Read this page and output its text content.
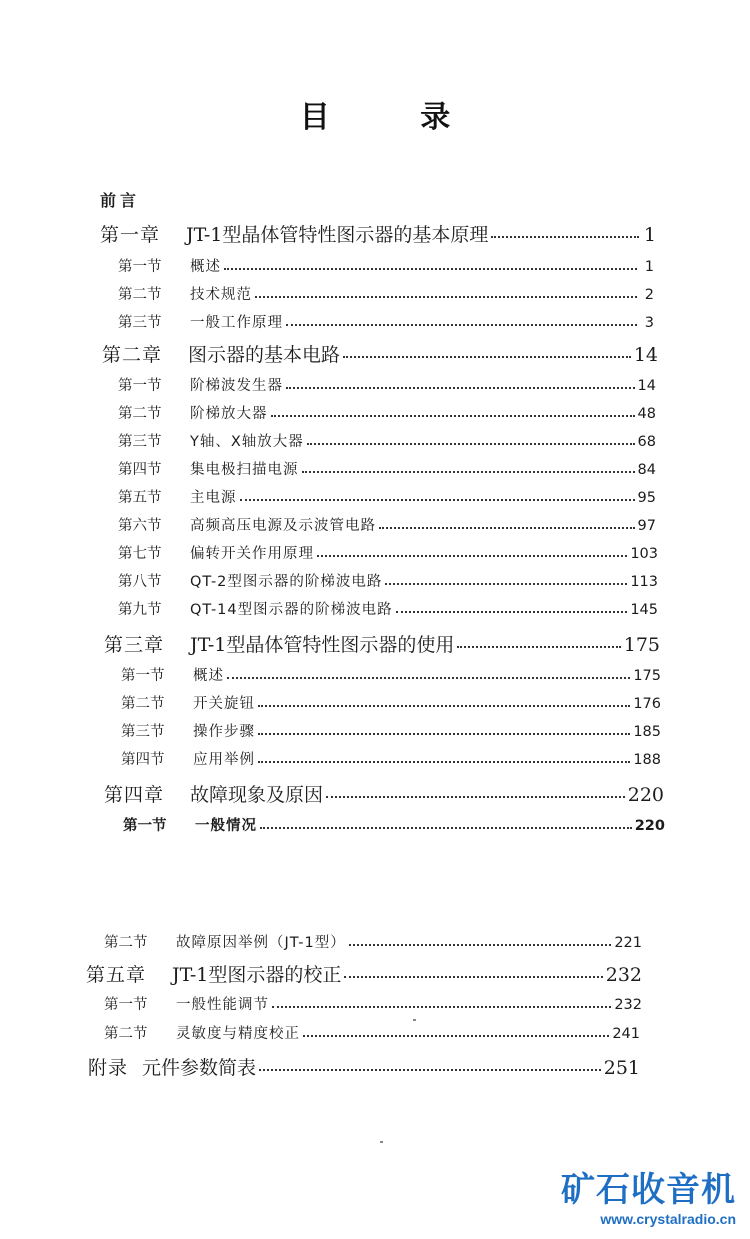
目 录
前言
第一章	JT-1型晶体管特性图示器的基本原理	1
第一节	概述	1
第二节	技术规范	2
第三节	一般工作原理	3
第二章	图示器的基本电路	14
第一节	阶梯波发生器	14
第二节	阶梯放大器	48
第三节	Y轴、X轴放大器	68
第四节	集电极扫描电源	84
第五节	主电源	95
第六节	高频高压电源及示波管电路	97
第七节	偏转开关作用原理	103
第八节	QT-2型图示器的阶梯波电路	113
第九节	QT-14型图示器的阶梯波电路	145
第三章	JT-1型晶体管特性图示器的使用	175
第一节	概述	175
第二节	开关旋钮	176
第三节	操作步骤	185
第四节	应用举例	188
第四章	故障现象及原因	220
第一节	一般情况	220
第二节	故障原因举例（JT-1型）	221
第五章	JT-1型图示器的校正	232
第一节	一般性能调节	232
第二节	灵敏度与精度校正	241
附录 元件参数简表	251
矿石收音机
www.crystalradio.cn
